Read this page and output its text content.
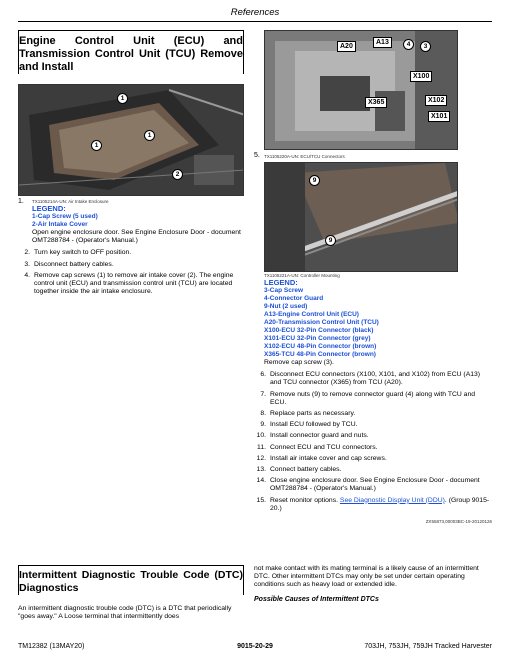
References
Engine Control Unit (ECU) and Transmission Control Unit (TCU) Remove and Install
1
1
1
2
1.	TX1105214A-UN: Air Intake Enclosure
LEGEND:
1-Cap Screw (5 used)
2-Air Intake Cover
Open engine enclosure door. See Engine Enclosure Door - document OMT288784 - (Operator's Manual.)
2. Turn key switch to OFF position.
3. Disconnect battery cables.
4. Remove cap screws (1) to remove air intake cover (2). The engine control unit (ECU) and transmission control unit (TCU) are located together inside the air intake enclosure.
A20
A13	4	3
X100
X365	X102
X101
5. TX1105220A-UN: ECU/TCU Connectors
9
9
TX1105221A-UN: Controller Mounting
LEGEND:
3-Cap Screw
4-Connector Guard
9-Nut (2 used)
A13-Engine Control Unit (ECU)
A20-Transmission Control Unit (TCU)
X100-ECU 32-Pin Connector (black)
X101-ECU 32-Pin Connector (grey)
X102-ECU 48-Pin Connector (brown)
X365-TCU 48-Pin Connector (brown)
Remove cap screw (3).
6. Disconnect ECU connectors (X100, X101, and X102) from ECU (A13) and TCU connector (X365) from TCU (A20).
7. Remove nuts (9) to remove connector guard (4) along with TCU and ECU.
8. Replace parts as necessary.
9. Install ECU followed by TCU.
10. Install connector guard and nuts.
11. Connect ECU and TCU connectors.
12. Install air intake cover and cap screws.
13. Connect battery cables.
14. Close engine enclosure door. See Engine Enclosure Door - document OMT288784 - (Operator's Manual.)
15. Reset monitor options. See Diagnostic Display Unit (DDU). (Group 9015-20.)
ZX55873,00003BC-19-20120126
Intermittent Diagnostic Trouble Code (DTC) Diagnostics
An intermittent diagnostic trouble code (DTC) is a DTC that periodically "goes away." A Loose terminal that intermittently does
not make contact with its mating terminal is a likely cause of an intermittent DTC. Other intermittent DTCs may only be set under certain operating conditions such as heavy load or extended idle.
Possible Causes of Intermittent DTCs
TM12382 (13MAY20)	9015-20-29	703JH, 753JH, 759JH Tracked Harvester
